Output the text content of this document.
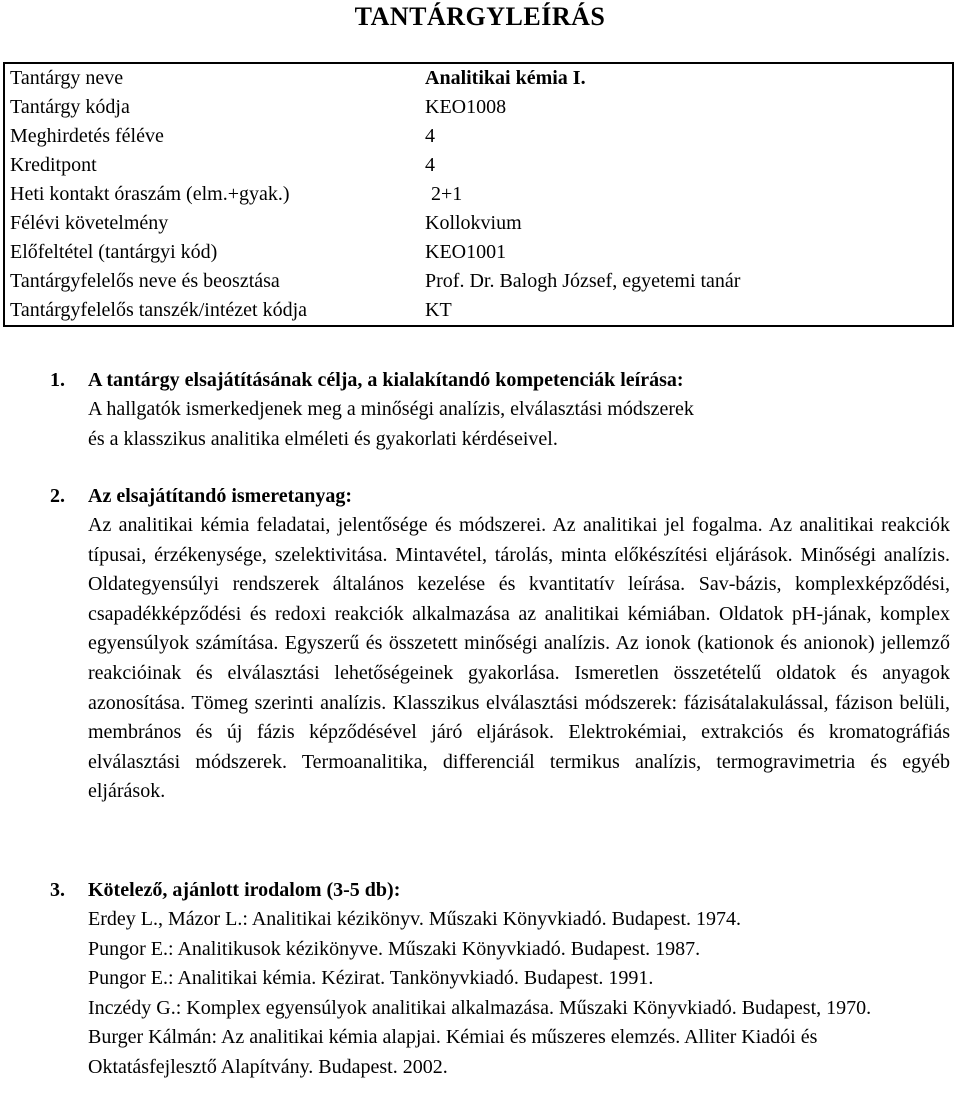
TANTÁRGYLEÍRÁS
Tantárgy neve	Analitikai kémia I.
Tantárgy kódja	KEO1008
Meghirdetés féléve	4
Kreditpont	4
Heti kontakt óraszám (elm.+gyak.)	2+1
Félévi követelmény	Kollokvium
Előfeltétel (tantárgyi kód)	KEO1001
Tantárgyfelelős neve és beosztása	Prof. Dr. Balogh József, egyetemi tanár
Tantárgyfelelős tanszék/intézet kódja	KT
1. A tantárgy elsajátításának célja, a kialakítandó kompetenciák leírása:
A hallgatók ismerkedjenek meg a minőségi analízis, elválasztási módszerek és a klasszikus analitika elméleti és gyakorlati kérdéseivel.
2. Az elsajátítandó ismeretanyag:
Az analitikai kémia feladatai, jelentősége és módszerei. Az analitikai jel fogalma. Az analitikai reakciók típusai, érzékenysége, szelektivitása. Mintavétel, tárolás, minta előkészítési eljárások. Minőségi analízis. Oldategyensúlyi rendszerek általános kezelése és kvantitatív leírása. Sav-bázis, komplexképződési, csapadékképződési és redoxi reakciók alkalmazása az analitikai kémiában. Oldatok pH-jának, komplex egyensúlyok számítása. Egyszerű és összetett minőségi analízis. Az ionok (kationok és anionok) jellemző reakcióinak és elválasztási lehetőségeinek gyakorlása. Ismeretlen összetételű oldatok és anyagok azonosítása. Tömeg szerinti analízis. Klasszikus elválasztási módszerek: fázisátalakulással, fázison belüli, membrános és új fázis képződésével járó eljárások. Elektrokémiai, extrakciós és kromatográfiás elválasztási módszerek. Termoanalitika, differenciál termikus analízis, termogravimetria és egyéb eljárások.
3. Kötelező, ajánlott irodalom (3-5 db):

Erdey L., Mázor L.: Analitikai kézikönyv. Műszaki Könyvkiadó. Budapest. 1974.

Pungor E.: Analitikusok kézikönyve. Műszaki Könyvkiadó. Budapest. 1987.

Pungor E.: Analitikai kémia. Kézirat. Tankönyvkiadó. Budapest. 1991.

Inczédy G.: Komplex egyensúlyok analitikai alkalmazása. Műszaki Könyvkiadó. Budapest, 1970.

Burger Kálmán: Az analitikai kémia alapjai. Kémiai és műszeres elemzés. Alliter Kiadói és Oktatásfejlesztő Alapítvány. Budapest. 2002.
